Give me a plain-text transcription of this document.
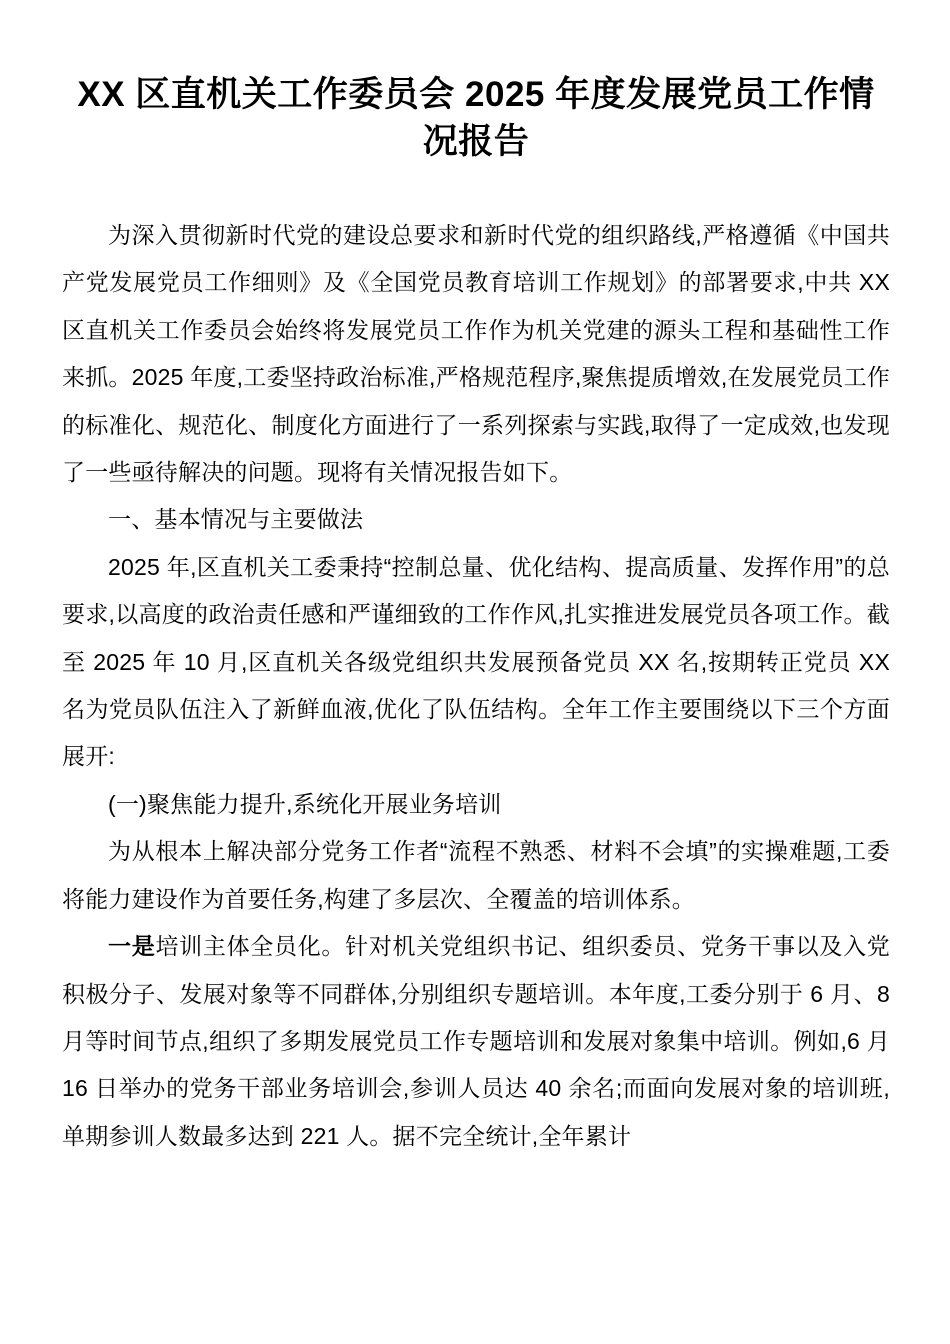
XX 区直机关工作委员会 2025 年度发展党员工作情况报告

为深入贯彻新时代党的建设总要求和新时代党的组织路线,严格遵循《中国共产党发展党员工作细则》及《全国党员教育培训工作规划》的部署要求,中共 XX 区直机关工作委员会始终将发展党员工作作为机关党建的源头工程和基础性工作来抓。2025 年度,工委坚持政治标准,严格规范程序,聚焦提质增效,在发展党员工作的标准化、规范化、制度化方面进行了一系列探索与实践,取得了一定成效,也发现了一些亟待解决的问题。现将有关情况报告如下。

一、基本情况与主要做法

2025 年,区直机关工委秉持“控制总量、优化结构、提高质量、发挥作用”的总要求,以高度的政治责任感和严谨细致的工作作风,扎实推进发展党员各项工作。截至 2025 年 10 月,区直机关各级党组织共发展预备党员 XX 名,按期转正党员 XX 名为党员队伍注入了新鲜血液,优化了队伍结构。全年工作主要围绕以下三个方面展开:

(一)聚焦能力提升,系统化开展业务培训

为从根本上解决部分党务工作者“流程不熟悉、材料不会填”的实操难题,工委将能力建设作为首要任务,构建了多层次、全覆盖的培训体系。

一是培训主体全员化。针对机关党组织书记、组织委员、党务干事以及入党积极分子、发展对象等不同群体,分别组织专题培训。本年度,工委分别于 6 月、8 月等时间节点,组织了多期发展党员工作专题培训和发展对象集中培训。例如,6 月 16 日举办的党务干部业务培训会,参训人员达 40 余名;而面向发展对象的培训班,单期参训人数最多达到 221 人。据不完全统计,全年累计
